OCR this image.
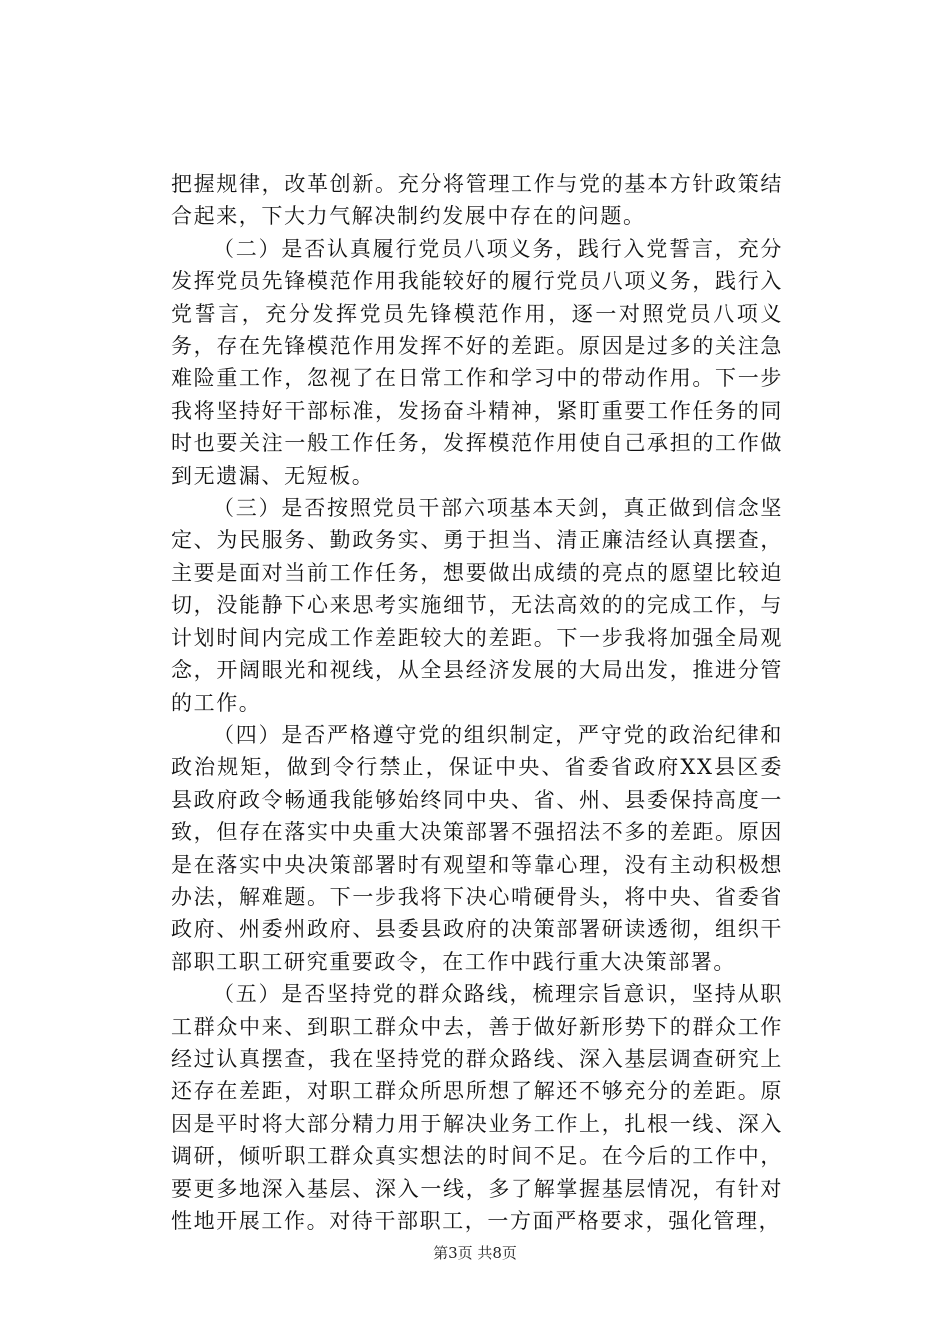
把握规律，改革创新。充分将管理工作与党的基本方针政策结合起来，下大力气解决制约发展中存在的问题。

（二）是否认真履行党员八项义务，践行入党誓言，充分发挥党员先锋模范作用我能较好的履行党员八项义务，践行入党誓言，充分发挥党员先锋模范作用，逐一对照党员八项义务，存在先锋模范作用发挥不好的差距。原因是过多的关注急难险重工作，忽视了在日常工作和学习中的带动作用。下一步我将坚持好干部标准，发扬奋斗精神，紧盯重要工作任务的同时也要关注一般工作任务，发挥模范作用使自己承担的工作做到无遗漏、无短板。

（三）是否按照党员干部六项基本天剑，真正做到信念坚定、为民服务、勤政务实、勇于担当、清正廉洁经认真摆查，主要是面对当前工作任务，想要做出成绩的亮点的愿望比较迫切，没能静下心来思考实施细节，无法高效的的完成工作，与计划时间内完成工作差距较大的差距。下一步我将加强全局观念，开阔眼光和视线，从全县经济发展的大局出发，推进分管的工作。

（四）是否严格遵守党的组织制定，严守党的政治纪律和政治规矩，做到令行禁止，保证中央、省委省政府XX县区委县政府政令畅通我能够始终同中央、省、州、县委保持高度一致，但存在落实中央重大决策部署不强招法不多的差距。原因是在落实中央决策部署时有观望和等靠心理，没有主动积极想办法，解难题。下一步我将下决心啃硬骨头，将中央、省委省政府、州委州政府、县委县政府的决策部署研读透彻，组织干部职工职工研究重要政令，在工作中践行重大决策部署。

（五）是否坚持党的群众路线，梳理宗旨意识，坚持从职工群众中来、到职工群众中去，善于做好新形势下的群众工作经过认真摆查，我在坚持党的群众路线、深入基层调查研究上还存在差距，对职工群众所思所想了解还不够充分的差距。原因是平时将大部分精力用于解决业务工作上，扎根一线、深入调研，倾听职工群众真实想法的时间不足。在今后的工作中，要更多地深入基层、深入一线，多了解掌握基层情况，有针对性地开展工作。对待干部职工，一方面严格要求，强化管理，

第3页 共8页
